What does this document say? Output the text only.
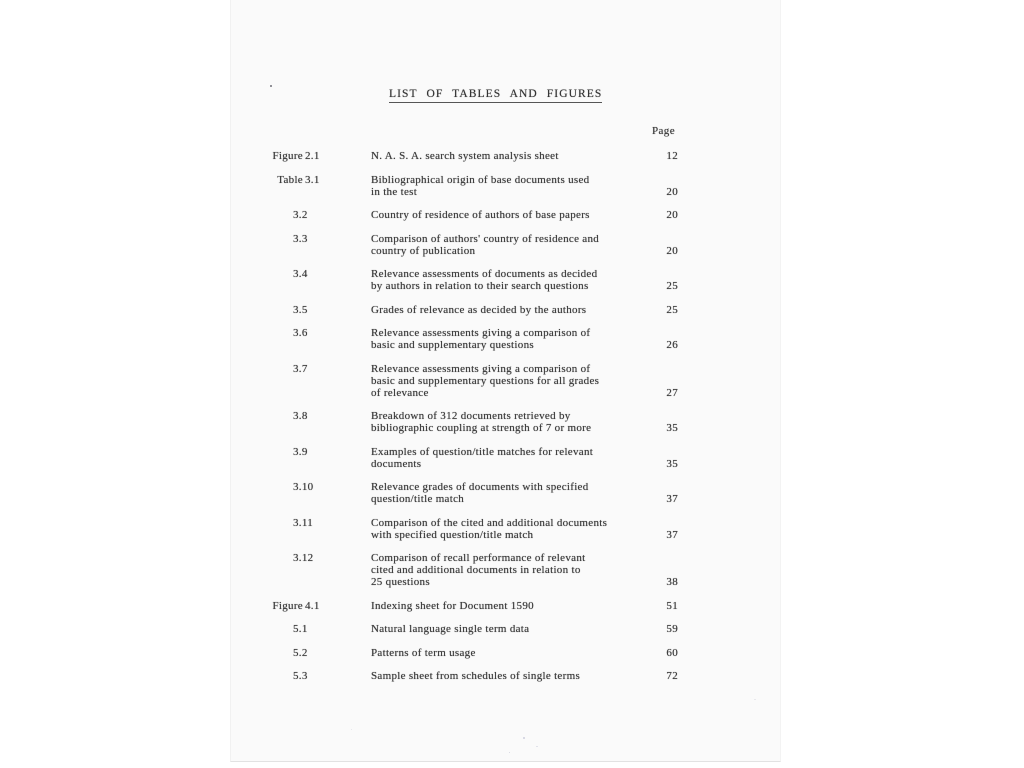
LIST OF TABLES AND FIGURES
Page
Figure 2.1	N. A. S. A. search system analysis sheet	12
Table 3.1	Bibliographical origin of base documents used
in the test	20
3.2	Country of residence of authors of base papers	20
3.3	Comparison of authors' country of residence and
country of publication	20
3.4	Relevance assessments of documents as decided
by authors in relation to their search questions	25
3.5	Grades of relevance as decided by the authors	25
3.6	Relevance assessments giving a comparison of
basic and supplementary questions	26
3.7	Relevance assessments giving a comparison of
basic and supplementary questions for all grades
of relevance	27
3.8	Breakdown of 312 documents retrieved by
bibliographic coupling at strength of 7 or more	35
3.9	Examples of question/title matches for relevant
documents	35
3.10	Relevance grades of documents with specified
question/title match	37
3.11	Comparison of the cited and additional documents
with specified question/title match	37
3.12	Comparison of recall performance of relevant
cited and additional documents in relation to
25 questions	38
Figure 4.1	Indexing sheet for Document 1590	51
5.1	Natural language single term data	59
5.2	Patterns of term usage	60
5.3	Sample sheet from schedules of single terms	72
